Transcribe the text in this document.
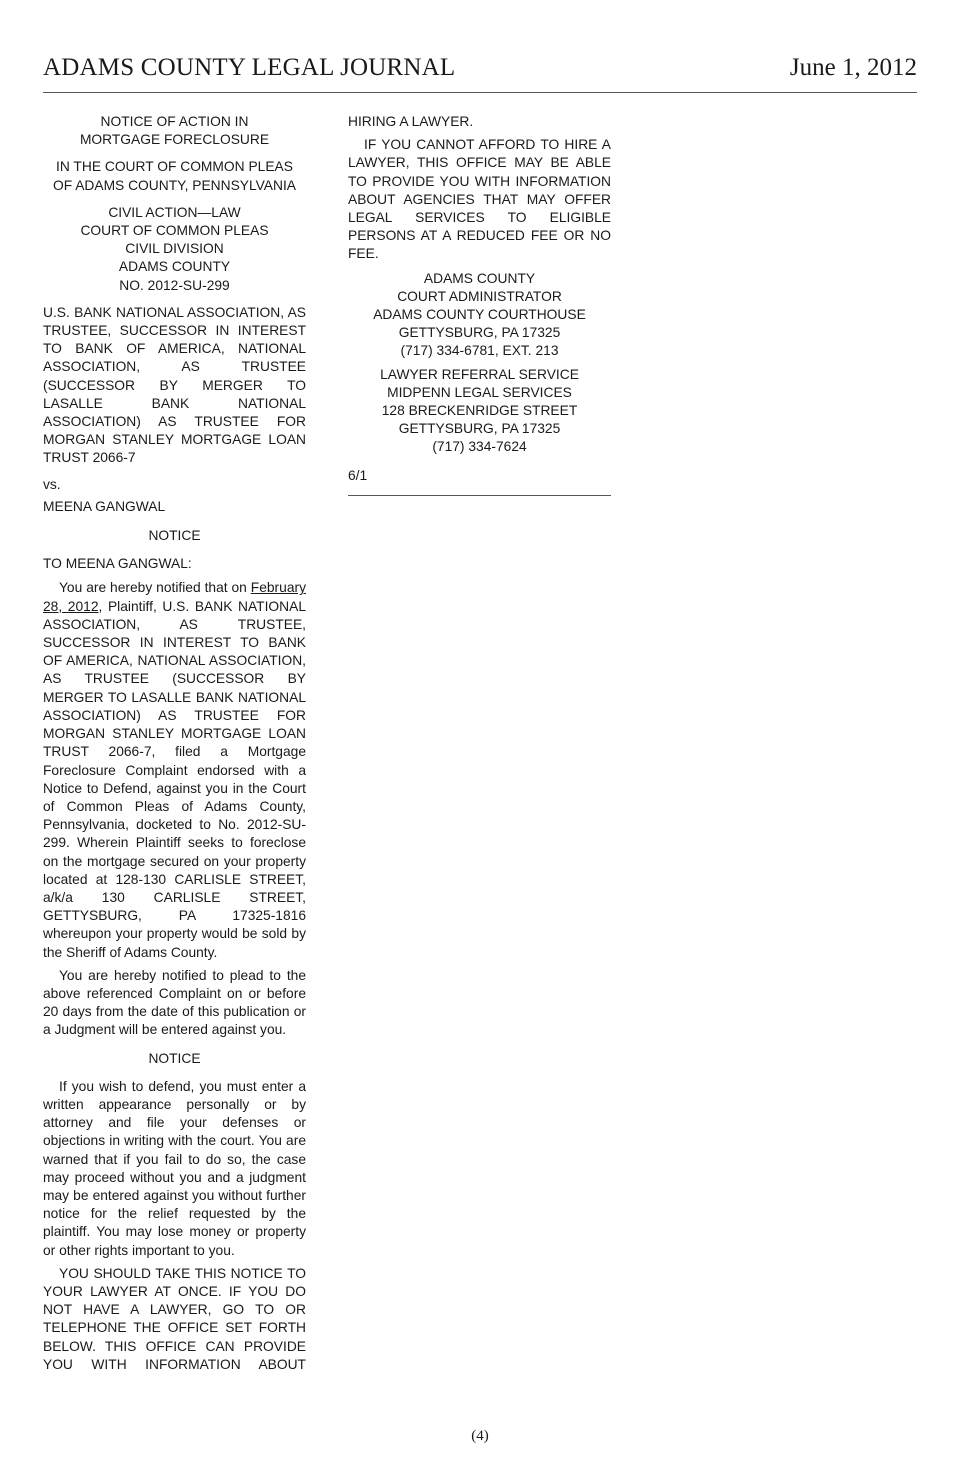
ADAMS COUNTY LEGAL JOURNAL	June 1, 2012
NOTICE OF ACTION IN
MORTGAGE FORECLOSURE
IN THE COURT OF COMMON PLEAS
OF ADAMS COUNTY, PENNSYLVANIA
CIVIL ACTION—LAW
COURT OF COMMON PLEAS
CIVIL DIVISION
ADAMS COUNTY
NO. 2012-SU-299

U.S. BANK NATIONAL ASSOCIATION, AS TRUSTEE, SUCCESSOR IN INTEREST TO BANK OF AMERICA, NATIONAL ASSOCIATION, AS TRUSTEE (SUCCESSOR BY MERGER TO LASALLE BANK NATIONAL ASSOCIATION) AS TRUSTEE FOR MORGAN STANLEY MORTGAGE LOAN TRUST 2066-7

vs.

MEENA GANGWAL

NOTICE

TO MEENA GANGWAL:

You are hereby notified that on February 28, 2012, Plaintiff, U.S. BANK NATIONAL ASSOCIATION, AS TRUSTEE, SUCCESSOR IN INTEREST TO BANK OF AMERICA, NATIONAL ASSOCIATION, AS TRUSTEE (SUCCESSOR BY MERGER TO LASALLE BANK NATIONAL ASSOCIATION) AS TRUSTEE FOR MORGAN STANLEY MORTGAGE LOAN TRUST 2066-7, filed a Mortgage Foreclosure Complaint endorsed with a Notice to Defend, against you in the Court of Common Pleas of Adams County, Pennsylvania, docketed to No. 2012-SU-299. Wherein Plaintiff seeks to foreclose on the mortgage secured on your property located at 128-130 CARLISLE STREET, a/k/a 130 CARLISLE STREET, GETTYSBURG, PA 17325-1816 whereupon your property would be sold by the Sheriff of Adams County.

You are hereby notified to plead to the above referenced Complaint on or before 20 days from the date of this publication or a Judgment will be entered against you.

NOTICE

If you wish to defend, you must enter a written appearance personally or by attorney and file your defenses or objections in writing with the court. You are warned that if you fail to do so, the case may proceed without you and a judgment may be entered against you without further notice for the relief requested by the plaintiff. You may lose money or property or other rights important to you.

YOU SHOULD TAKE THIS NOTICE TO YOUR LAWYER AT ONCE. IF YOU DO NOT HAVE A LAWYER, GO TO OR TELEPHONE THE OFFICE SET FORTH BELOW. THIS OFFICE CAN PROVIDE YOU WITH INFORMATION ABOUT

HIRING A LAWYER.

IF YOU CANNOT AFFORD TO HIRE A LAWYER, THIS OFFICE MAY BE ABLE TO PROVIDE YOU WITH INFORMATION ABOUT AGENCIES THAT MAY OFFER LEGAL SERVICES TO ELIGIBLE PERSONS AT A REDUCED FEE OR NO FEE.

ADAMS COUNTY
COURT ADMINISTRATOR
ADAMS COUNTY COURTHOUSE
GETTYSBURG, PA 17325
(717) 334-6781, EXT. 213
LAWYER REFERRAL SERVICE
MIDPENN LEGAL SERVICES
128 BRECKENRIDGE STREET
GETTYSBURG, PA 17325
(717) 334-7624
6/1
(4)
